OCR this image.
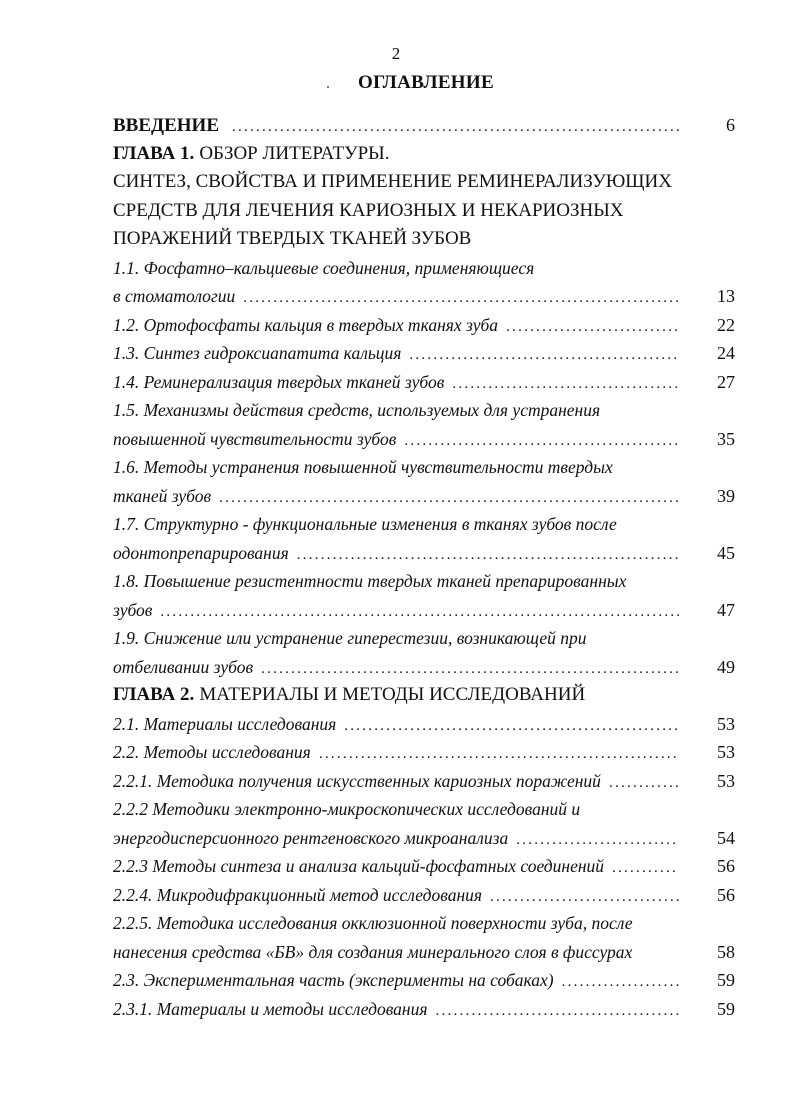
2
ОГЛАВЛЕНИЕ
ВВЕДЕНИЕ . . .	6
ГЛАВА 1. ОБЗОР ЛИТЕРАТУРЫ.
СИНТЕЗ, СВОЙСТВА И ПРИМЕНЕНИЕ РЕМИНЕРАЛИЗУЮЩИХ
СРЕДСТВ ДЛЯ ЛЕЧЕНИЯ КАРИОЗНЫХ И НЕКАРИОЗНЫХ
ПОРАЖЕНИЙ ТВЕРДЫХ ТКАНЕЙ ЗУБОВ
1.1. Фосфатно–кальциевые соединения, применяющиеся
в стоматологии . . .	13
1.2. Ортофосфаты кальция в твердых тканях зуба . . .	22
1.3. Синтез гидроксиапатита кальция . . .	24
1.4. Реминерализация твердых тканей зубов . . .	27
1.5. Механизмы действия средств, используемых для устранения
повышенной чувствительности зубов . . .	35
1.6. Методы устранения повышенной чувствительности твердых
тканей зубов . . .	39
1.7. Структурно - функциональные изменения в тканях зубов после
одонтопрепарирования . . .	45
1.8. Повышение резистентности твердых тканей препарированных
зубов . . .	47
1.9. Снижение или устранение гиперестезии, возникающей при
отбеливании зубов . . .	49
ГЛАВА 2. МАТЕРИАЛЫ И МЕТОДЫ ИССЛЕДОВАНИЙ
2.1. Материалы исследования . . .	53
2.2. Методы исследования . . .	53
2.2.1. Методика получения искусственных кариозных поражений . . .	53
2.2.2 Методики электронно-микроскопических исследований и
энергодисперсионного рентгеновского микроанализа . . .	54
2.2.3 Методы синтеза и анализа кальций-фосфатных соединений . . .	56
2.2.4. Микродифракционный метод исследования . . .	56
2.2.5. Методика исследования окклюзионной поверхности зуба, после
нанесения средства «БВ» для создания минерального слоя в фиссурах	58
2.3. Экспериментальная часть (эксперименты на собаках) . . .	59
2.3.1. Материалы и методы исследования . . .	59
